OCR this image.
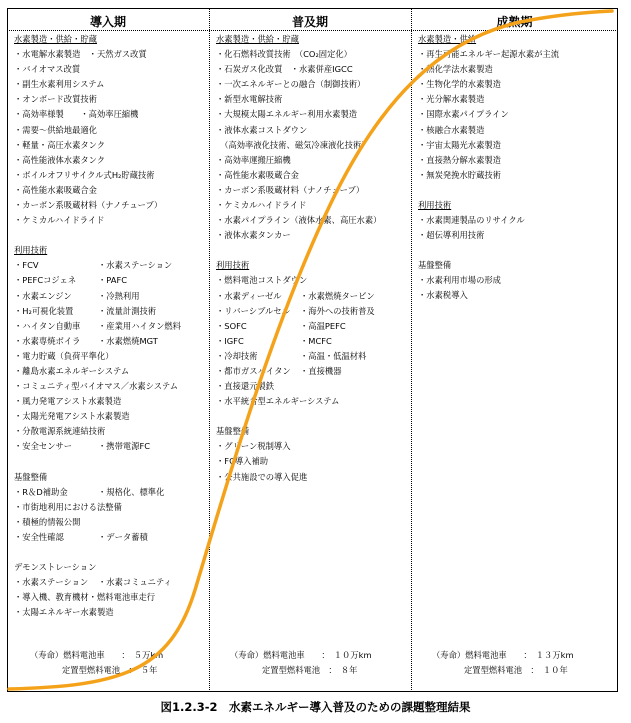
導入期	普及期	成熟期
水素製造・供給・貯蔵
・水電解水素製造　・天然ガス改質
・バイオマス改質
・副生水素利用システム
・オンボード改質技術
・高効率様製　　・高効率圧縮機
・需要～供給地最適化
・軽量・高圧水素タンク
・高性能液体水素タンク
・ボイルオフリサイクル式H₂貯蔵技術
・高性能水素吸蔵合金
・カーボン系吸蔵材料（ナノチューブ）
・ケミカルハイドライド
利用技術
・FCV	・水素ステーション
・PEFCコジェネ	・PAFC
・水素エンジン	・冷熱利用
・H₂可視化装置	・流量計測技術
・ハイタン自動車	・産業用ハイタン燃料
・水素専焼ボイラ	・水素燃焼MGT
・電力貯蔵（負荷平準化）
・離島水素エネルギーシステム
・コミュニティ型バイオマス／水素システム
・風力発電アシスト水素製造
・太陽光発電アシスト水素製造
・分散電源系統連結技術
・安全センサー	・携帯電源FC
基盤整備
・R＆D補助金	・規格化、標準化
・市街地利用における法整備
・積極的情報公開
・安全性確認	・データ蓄積
デモンストレーション
・水素ステーション	・水素コミュニティ
・導入機、教育機材・燃料電池車走行
・太陽エネルギー水素製造
水素製造・供給・貯蔵
・化石燃料改質技術　（CO₂固定化）
・石炭ガス化改質　・水素併産IGCC
・一次エネルギーとの融合（制御技術）
・新型水電解技術
・大規模太陽エネルギー利用水素製造
・液体水素コストダウン
　（高効率液化技術、磁気冷凍液化技術）
・高効率運搬圧縮機
・高性能水素吸蔵合金
・カーボン系吸蔵材料（ナノチューブ）
・ケミカルハイドライド
・水素パイプライン（液体水素、高圧水素）
・液体水素タンカー
利用技術
・燃料電池コストダウン
・水素ディーゼル	・水素燃焼タービン
・リバーシブルセル	・海外への技術普及
・SOFC	・高温PEFC
・IGFC	・MCFC
・冷却技術	・高温・低温材料
・都市ガスハイタン	・直接機器
・直接還元製鉄
・水平統合型エネルギーシステム
基盤整備
・グリーン税制導入
・FC導入補助
・公共施設での導入促進
水素製造・供給
・再生可能エネルギー起源水素が主流
・熱化学法水素製造
・生物化学的水素製造
・光分解水素製造
・国際水素パイプライン
・核融合水素製造
・宇宙太陽光水素製造
・直接熱分解水素製造
・無炭発挽水貯蔵技術
利用技術
・水素関連製品のリサイクル
・超伝導利用技術
基盤整備
・水素利用市場の形成
・水素税導入
（寿命）燃料電池車　　 ：　５万km
定置型燃料電池　 ：　５年
（寿命）燃料電池車　　 ：　１０万km
定置型燃料電池　 ：　８年
（寿命）燃料電池車　　 ：　１３万km
定置型燃料電池　 ：　１０年
図1.2.3-2　水素エネルギー導入普及のための課題整理結果
